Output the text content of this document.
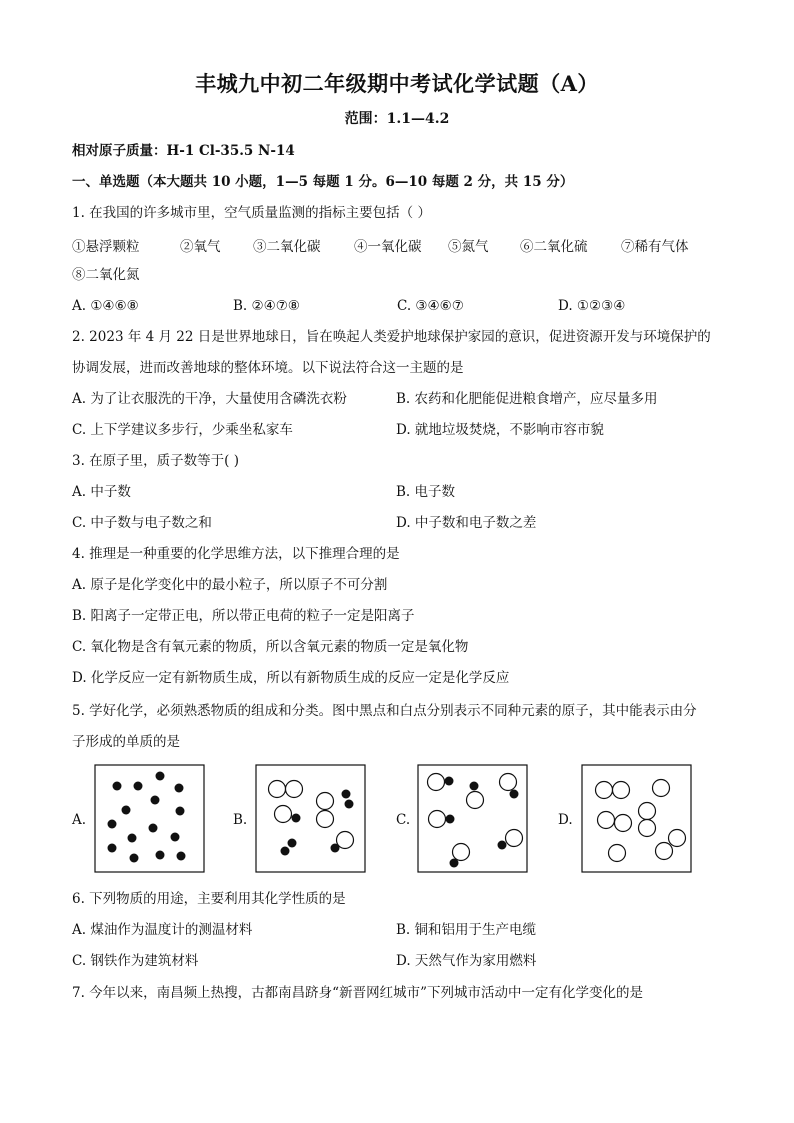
丰城九中初二年级期中考试化学试题（A）
范围：1.1—4.2
相对原子质量：H-1 Cl-35.5 N-14
一、单选题（本大题共 10 小题，1—5 每题 1 分。6—10 每题 2 分，共 15 分）
1. 在我国的许多城市里，空气质量监测的指标主要包括（ ）
①悬浮颗粒	②氧气 ③二氧化碳 ④一氧化碳 ⑤氮气 ⑥二氧化硫 ⑦稀有气体
⑧二氧化氮
A. ①④⑥⑧	B. ②④⑦⑧	C. ③④⑥⑦	D. ①②③④
2. 2023 年 4 月 22 日是世界地球日，旨在唤起人类爱护地球保护家园的意识，促进资源开发与环境保护的
协调发展，进而改善地球的整体环境。以下说法符合这一主题的是
A. 为了让衣服洗的干净，大量使用含磷洗衣粉	B. 农药和化肥能促进粮食增产，应尽量多用
C. 上下学建议多步行，少乘坐私家车	D. 就地垃圾焚烧，不影响市容市貌
3. 在原子里，质子数等于( )
A. 中子数	B. 电子数
C. 中子数与电子数之和	D. 中子数和电子数之差
4. 推理是一种重要的化学思维方法，以下推理合理的是
A. 原子是化学变化中的最小粒子，所以原子不可分割
B. 阳离子一定带正电，所以带正电荷的粒子一定是阳离子
C. 氧化物是含有氧元素的物质，所以含氧元素的物质一定是氧化物
D. 化学反应一定有新物质生成，所以有新物质生成的反应一定是化学反应
5. 学好化学，必须熟悉物质的组成和分类。图中黑点和白点分别表示不同种元素的原子，其中能表示由分
子形成的单质的是
A.	B.	C.	D.
6. 下列物质的用途，主要利用其化学性质的是
A. 煤油作为温度计的测温材料	B. 铜和铝用于生产电缆
C. 钢铁作为建筑材料	D. 天然气作为家用燃料
7. 今年以来，南昌频上热搜，古都南昌跻身“新晋网红城市”下列城市活动中一定有化学变化的是
